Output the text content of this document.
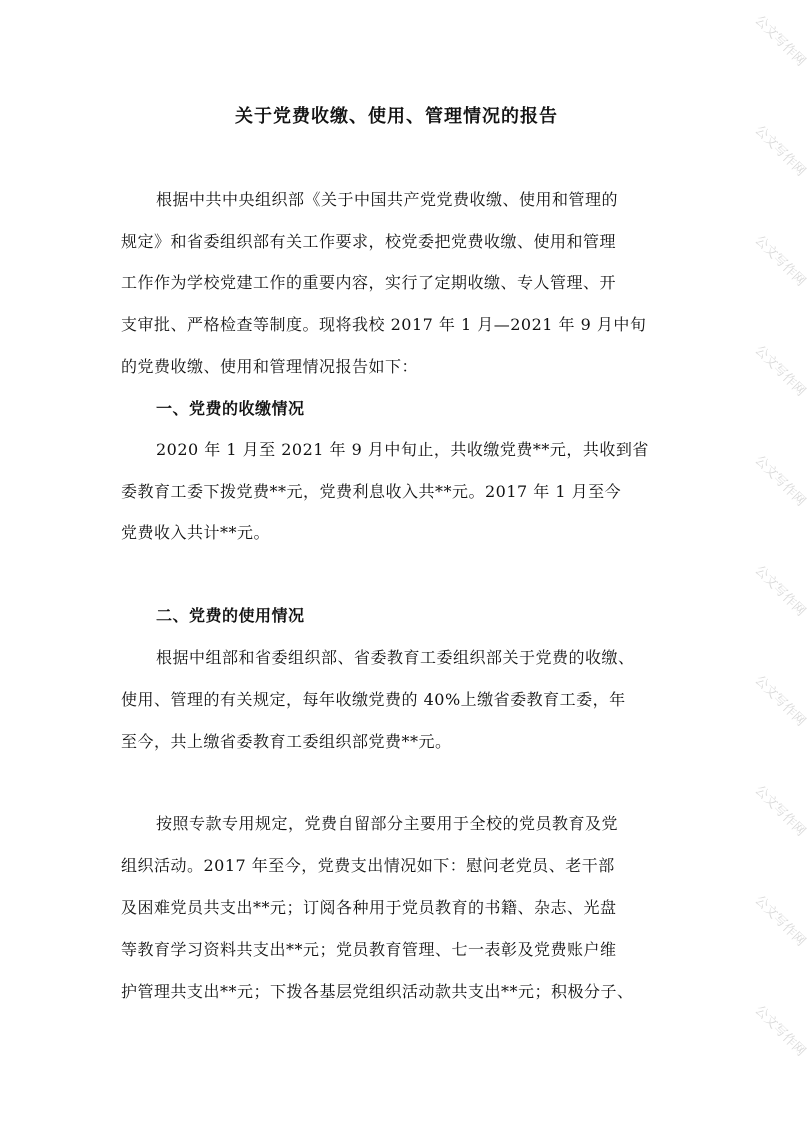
关于党费收缴、使用、管理情况的报告

根据中共中央组织部《关于中国共产党党费收缴、使用和管理的

规定》和省委组织部有关工作要求，校党委把党费收缴、使用和管理

工作作为学校党建工作的重要内容，实行了定期收缴、专人管理、开

支审批、严格检查等制度。现将我校 2017 年 1 月—2021 年 9 月中旬

的党费收缴、使用和管理情况报告如下：

一、党费的收缴情况

2020 年 1 月至 2021 年 9 月中旬止，共收缴党费**元，共收到省

委教育工委下拨党费**元，党费利息收入共**元。2017 年 1 月至今

党费收入共计**元。

二、党费的使用情况

根据中组部和省委组织部、省委教育工委组织部关于党费的收缴、

使用、管理的有关规定，每年收缴党费的 40%上缴省委教育工委，年

至今，共上缴省委教育工委组织部党费**元。

按照专款专用规定，党费自留部分主要用于全校的党员教育及党

组织活动。2017 年至今，党费支出情况如下：慰问老党员、老干部

及困难党员共支出**元；订阅各种用于党员教育的书籍、杂志、光盘

等教育学习资料共支出**元；党员教育管理、七一表彰及党费账户维

护管理共支出**元；下拨各基层党组织活动款共支出**元；积极分子、

公文写作网
公文写作网
公文写作网
公文写作网
公文写作网
公文写作网
公文写作网
公文写作网
公文写作网
公文写作网
